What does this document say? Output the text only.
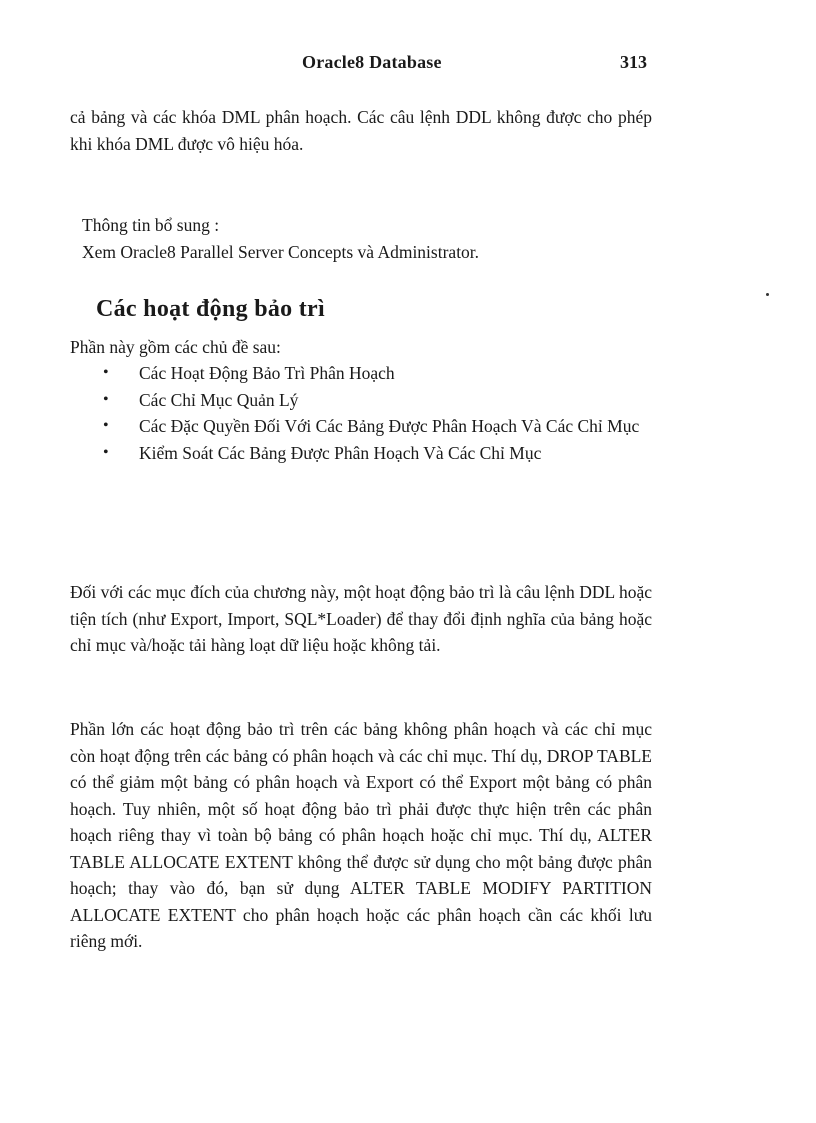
Oracle8 Database	313
cả bảng và các khóa DML phân hoạch. Các câu lệnh DDL không được cho phép khi khóa DML được vô hiệu hóa.
Thông tin bổ sung :
Xem Oracle8 Parallel Server Concepts và Administrator.
Các hoạt động bảo trì
Phần này gồm các chủ đề sau:
• Các Hoạt Động Bảo Trì Phân Hoạch
• Các Chỉ Mục Quản Lý
• Các Đặc Quyền Đối Với Các Bảng Được Phân Hoạch Và Các Chỉ Mục
• Kiểm Soát Các Bảng Được Phân Hoạch Và Các Chỉ Mục
Đối với các mục đích của chương này, một hoạt động bảo trì là câu lệnh DDL hoặc tiện tích (như Export, Import, SQL*Loader) để thay đổi định nghĩa của bảng hoặc chỉ mục và/hoặc tải hàng loạt dữ liệu hoặc không tải.
Phần lớn các hoạt động bảo trì trên các bảng không phân hoạch và các chỉ mục còn hoạt động trên các bảng có phân hoạch và các chỉ mục. Thí dụ, DROP TABLE có thể giảm một bảng có phân hoạch và Export có thể Export một bảng có phân hoạch. Tuy nhiên, một số hoạt động bảo trì phải được thực hiện trên các phân hoạch riêng thay vì toàn bộ bảng có phân hoạch hoặc chỉ mục. Thí dụ, ALTER TABLE ALLOCATE EXTENT không thể được sử dụng cho một bảng được phân hoạch; thay vào đó, bạn sử dụng ALTER TABLE MODIFY PARTITION ALLOCATE EXTENT cho phân hoạch hoặc các phân hoạch cần các khối lưu riêng mới.
